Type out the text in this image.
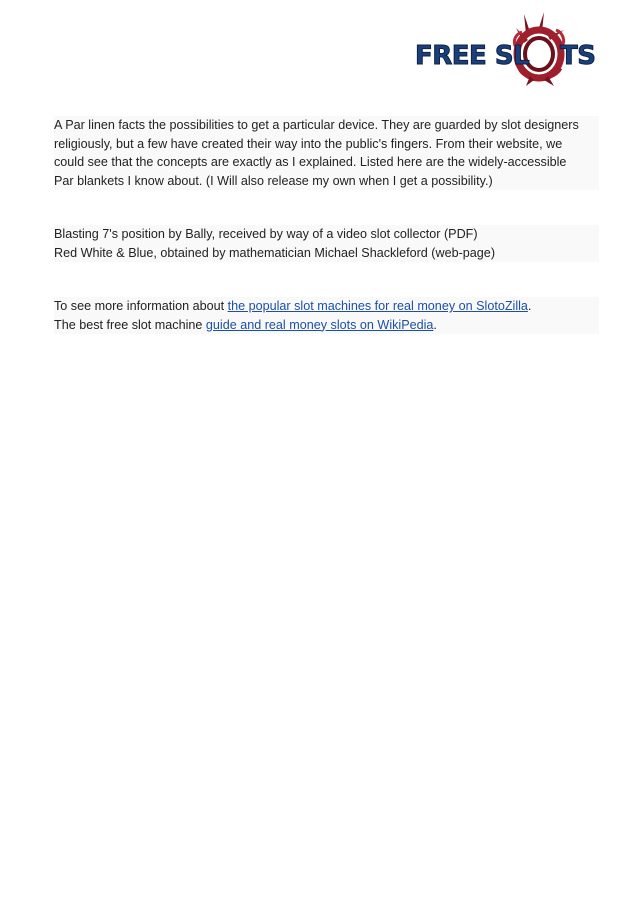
FREE SL TS

A Par linen facts the possibilities to get a particular device. They are guarded by slot designers
religiously, but a few have created their way into the public's fingers. From their website, we
could see that the concepts are exactly as I explained. Listed here are the widely-accessible
Par blankets I know about. (I Will also release my own when I get a possibility.)

Blasting 7's position by Bally, received by way of a video slot collector (PDF)
Red White & Blue, obtained by mathematician Michael Shackleford (web-page)

To see more information about the popular slot machines for real money on SlotoZilla.
The best free slot machine guide and real money slots on WikiPedia.
